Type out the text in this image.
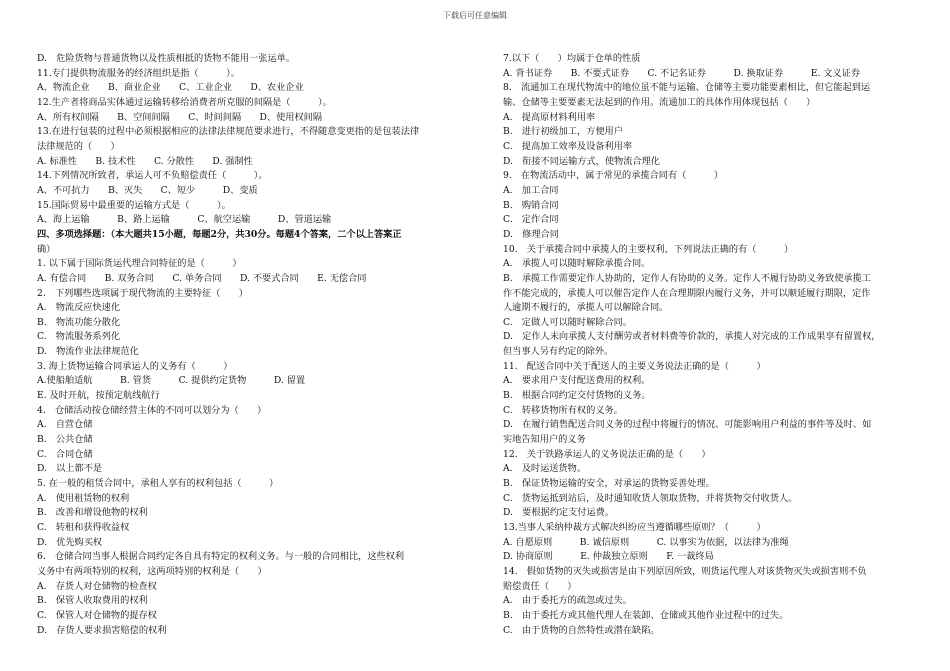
下载后可任意编辑
D.　危险货物与普通货物以及性质相抵的货物不能用一张运单。
11.专门提供物流服务的经济组织是指（　　　）。
A、物流企业　　B、商业企业　　C、工业企业　　D、农业企业
12.生产者将商品实体通过运输转移给消费者所克服的间隔是（　　　）。
A、所有权间隔　　B、空间间隔　　C、时间间隔　　D、使用权间隔
13.在进行包装的过程中必须根据相应的法律法律规范要求进行，不得随意变更指的是包装法律
法律规范的（　　）
A. 标准性　　B. 技术性　　C. 分散性　　D. 强制性
14.下列情况所致者，承运人可不负赔偿责任（　　　）。
A、不可抗力　　B、灭失　　C、短少　　　D、变质
15.国际贸易中最重要的运输方式是（　　　）。
A、海上运输　　　B、路上运输　　　C、航空运输　　　D、管道运输
四、多项选择题：（本大题共15小题，每题2分，共30分。每题4个答案，二个以上答案正
确）
1. 以下属于国际货运代理合同特征的是（　　　）
A. 有偿合同　　B. 双务合同　　C. 单务合同　　D. 不要式合同　　E. 无偿合同
2.　下列哪些选项属于现代物流的主要特征（　　）
A.　物流反应快速化
B.　物流功能分散化
C.　物流服务系列化
D.　物流作业法律规范化
3. 海上货物运输合同承运人的义务有（　　　）
A.使船舶适航　　　B. 管货　　　C. 提供约定货物　　　D. 留置
E. 及时开航，按预定航线航行
4.　仓储活动按仓储经营主体的不同可以划分为（　　）
A.　自营仓储
B.　公共仓储
C.　合同仓储
D.　以上都不是
5. 在一般的租赁合同中，承租人享有的权利包括（　　　）
A.　使用租赁物的权利
B.　改善和增设他物的权利
C.　转租和获得收益权
D.　优先购买权
6.　仓储合同当事人根据合同约定各自具有特定的权利义务。与一般的合同相比，这些权利
义务中有两项特别的权利，这两项特别的权利是（　　）
A.　存货人对仓储物的检查权
B.　保管人收取费用的权利
C.　保管人对仓储物的提存权
D.　存货人要求损害赔偿的权利
7.以下（　　）均属于仓单的性质
A. 背书证券　　B. 不要式证券　　C. 不记名证券　　　D. 换取证券　　　E. 文义证券
8.　流通加工在现代物流中的地位虽不能与运输、仓储等主要功能要素相比，但它能起到运
输、仓储等主要要素无法起到的作用。流通加工的具体作用体现包括（　　）
A.　提高原材料利用率
B.　进行初级加工，方便用户
C.　提高加工效率及设备利用率
D.　衔接不同运输方式，使物流合理化
9.　在物流活动中，属于常见的承揽合同有（　　　）
A.　加工合同
B.　购销合同
C.　定作合同
D.　修理合同
10.　关于承揽合同中承揽人的主要权利，下列说法正确的有（　　　）
A.　承揽人可以随时解除承揽合同。
B.　承揽工作需要定作人协助的，定作人有协助的义务。定作人不履行协助义务致使承揽工
作不能完成的，承揽人可以催告定作人在合理期限内履行义务，并可以顺延履行期限，定作
人逾期不履行的，承揽人可以解除合同。
C.　定做人可以随时解除合同。
D.　定作人未向承揽人支付酬劳或者材料费等价款的，承揽人对完成的工作成果享有留置权，
但当事人另有约定的除外。
11.　配送合同中关于配送人的主要义务说法正确的是（　　　）
A.　要求用户支付配送费用的权利。
B.　根据合同约定交付货物的义务。
C.　转移货物所有权的义务。
D.　在履行销售配送合同义务的过程中将履行的情况、可能影响用户利益的事件等及时、如
实地告知用户的义务
12.　关于铁路承运人的义务说法正确的是（　　）
A.　及时运送货物。
B.　保证货物运输的安全，对承运的货物妥善处理。
C.　货物运抵到站后，及时通知收货人领取货物，并将货物交付收货人。
D.　要根据约定支付运费。
13.当事人采纳仲裁方式解决纠纷应当遵循哪些原则？（　　　）
A. 自愿原则　　　B. 诚信原则　　　C. 以事实为依据，以法律为准绳
D. 协商原则　　　E. 仲裁独立原则　　F. 一裁终局
14.　假如货物的灭失或损害是由下列原因所致，则货运代理人对该货物灭失或损害则不负
赔偿责任（　　）
A.　由于委托方的疏忽或过失。
B.　由于委托方或其他代理人在装卸、仓储或其他作业过程中的过失。
C.　由于货物的自然特性或潜在缺陷。
